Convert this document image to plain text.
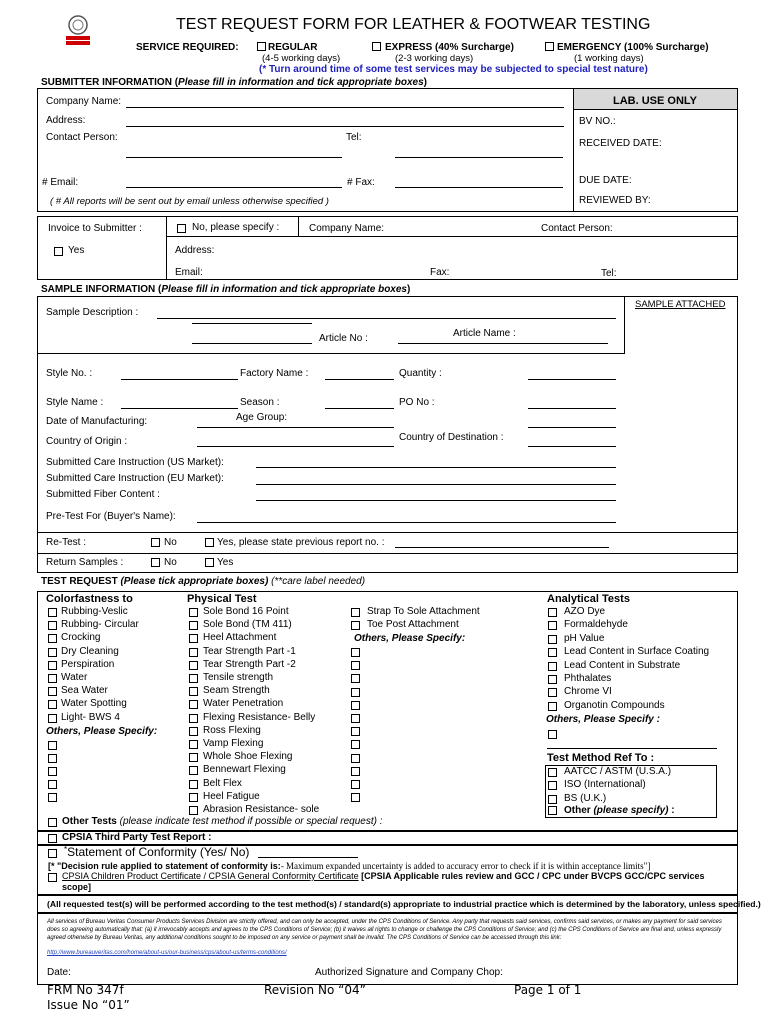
TEST REQUEST FORM FOR LEATHER & FOOTWEAR TESTING
SERVICE REQUIRED:	REGULAR
(4-5 working days)
EXPRESS (40% Surcharge)
(2-3 working days)
EMERGENCY (100% Surcharge)
(1 working days)
(* Turn around time of some test services may be subjected to special test nature)
SUBMITTER INFORMATION (Please fill in information and tick appropriate boxes)
LAB. USE ONLY
BV NO.:
RECEIVED DATE:
DUE DATE:
REVIEWED BY:
Company Name:
Address:
Contact Person:	Tel:
# Email:	# Fax:
( # All reports will be sent out by email unless otherwise specified )
Invoice to Submitter :
Yes
No, please specify :	Company Name:	Contact Person:
Address:
Email:	Fax:	Tel:
SAMPLE INFORMATION (Please fill in information and tick appropriate boxes)
SAMPLE ATTACHED
Sample Description :
Article No :	Article Name :
Style No. :	Factory Name :	Quantity :
Style Name :	Season :	PO No :
Date of Manufacturing:	Age Group:
Country of Origin :	Country of Destination :
Submitted Care Instruction (US Market):
Submitted Care Instruction (EU Market):
Submitted Fiber Content :
Pre-Test For (Buyer's Name):
Re-Test :	No	Yes, please state previous report no. :
Return Samples :	No	Yes
TEST REQUEST (Please tick appropriate boxes) (**care label needed)
Colorfastness to
Rubbing-Veslic
Rubbing- Circular
Crocking
Dry Cleaning
Perspiration
Water
Sea Water
Water Spotting
Light- BWS 4
Others, Please Specify:
Physical Test
Sole Bond 16 Point
Sole Bond (TM 411)
Heel Attachment
Tear Strength Part -1
Tear Strength Part -2
Tensile strength
Seam Strength
Water Penetration
Flexing Resistance- Belly
Ross Flexing
Vamp Flexing
Whole Shoe Flexing
Bennewart Flexing
Belt Flex
Heel Fatigue
Abrasion Resistance- sole
Strap To Sole Attachment
Toe Post Attachment
Others, Please Specify:
Analytical Tests
AZO Dye
Formaldehyde
pH Value
Lead Content in Surface Coating
Lead Content in Substrate
Phthalates
Chrome VI
Organotin Compounds
Others, Please Specify :
Test Method Ref To :
AATCC / ASTM (U.S.A.)
ISO (International)
BS (U.K.)
Other (please specify) :
Other Tests (please indicate test method if possible or special request) :
CPSIA Third Party Test Report :
*Statement of Conformity (Yes/ No)
[* "Decision rule applied to statement of conformity is:- Maximum expanded uncertainty is added to accuracy error to check if it is within acceptance limits"]
CPSIA Children Product Certificate / CPSIA General Conformity Certificate [CPSIA Applicable rules review and GCC / CPC under BVCPS GCC/CPC services scope]
(All requested test(s) will be performed according to the test method(s) / standard(s) appropriate to industrial practice which is determined by the laboratory, unless specified.)
All services of Bureau Veritas Consumer Products Services Division are strictly offered, and can only be accepted, under the CPS Conditions of Service. Any party that requests said services, confirms said services, or makes any payment for said services does so agreeing automatically that: (a) it irrevocably accepts and agrees to the CPS Conditions of Service; (b) it waives all rights to change or challenge the CPS Conditions of Service; and (c) the CPS Conditions of Service are final and, unless expressly agreed otherwise by Bureau Veritas, any additional conditions sought to be imposed on any service or payment shall be invalid. The CPS Conditions of Service can be accessed through this link:
http://www.bureauveritas.com/home/about-us/our-business/cps/about-us/terms-conditions/
Date:	Authorized Signature and Company Chop:
FRM No 347f	Revision No “04”	Page 1 of 1
Issue No “01”
